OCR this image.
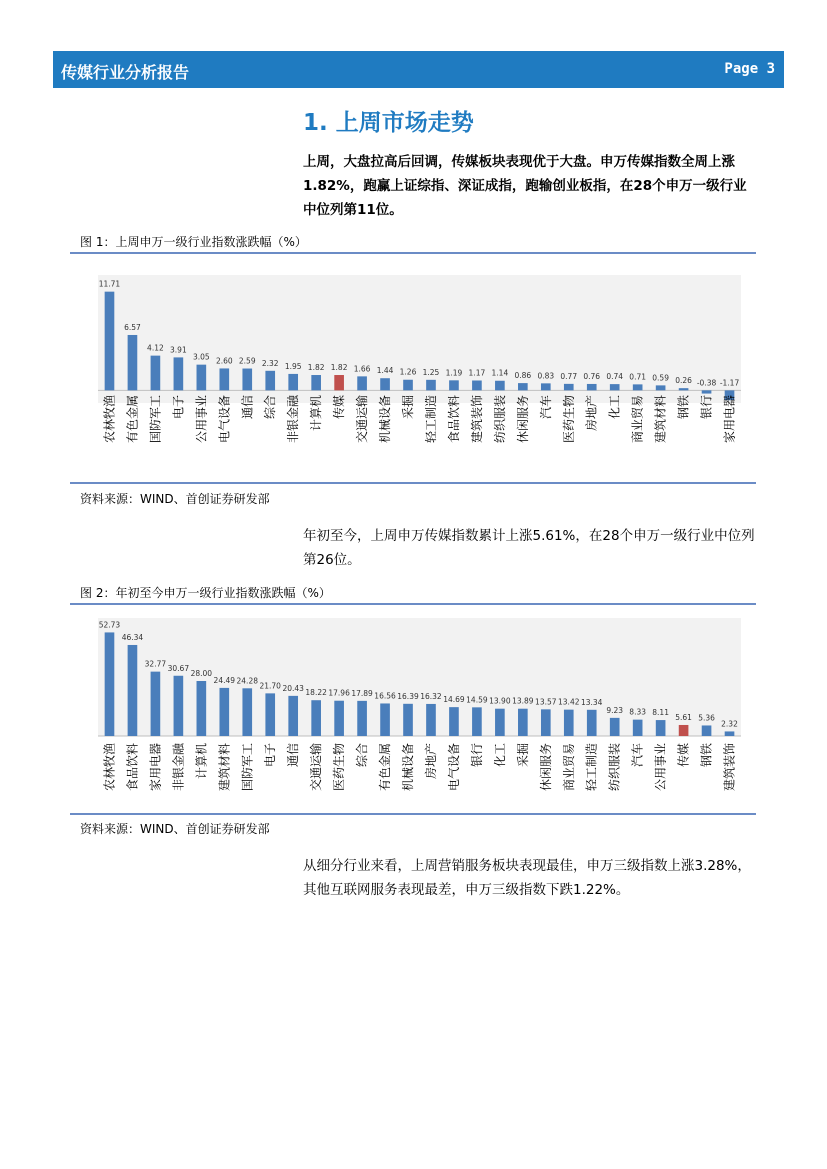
传媒行业分析报告	Page 3
1. 上周市场走势
上周，大盘拉高后回调，传媒板块表现优于大盘。申万传媒指数全周上涨1.82%，跑赢上证综指、深证成指，跑输创业板指，在28个申万一级行业中位列第11位。
图 1：上周申万一级行业指数涨跌幅（%）
11.71
农林牧渔
6.57
有色金属
4.12
国防军工
3.91
电子
3.05
公用事业
2.60
电气设备
2.59
通信
2.32
综合
1.95
非银金融
1.82
计算机
1.82
传媒
1.66
交通运输
1.44
机械设备
1.26
采掘
1.25
轻工制造
1.19
食品饮料
1.17
建筑装饰
1.14
纺织服装
0.86
休闲服务
0.83
汽车
0.77
医药生物
0.76
房地产
0.74
化工
0.71
商业贸易
0.59
建筑材料
0.26
钢铁
-0.38
银行
-1.17
家用电器
资料来源：WIND、首创证券研发部
年初至今，上周申万传媒指数累计上涨5.61%，在28个申万一级行业中位列第26位。
图 2：年初至今申万一级行业指数涨跌幅（%）
52.73
农林牧渔
46.34
食品饮料
32.77
家用电器
30.67
非银金融
28.00
计算机
24.49
建筑材料
24.28
国防军工
21.70
电子
20.43
通信
18.22
交通运输
17.96
医药生物
17.89
综合
16.56
有色金属
16.39
机械设备
16.32
房地产
14.69
电气设备
14.59
银行
13.90
化工
13.89
采掘
13.57
休闲服务
13.42
商业贸易
13.34
轻工制造
9.23
纺织服装
8.33
汽车
8.11
公用事业
5.61
传媒
5.36
钢铁
2.32
建筑装饰
资料来源：WIND、首创证券研发部
从细分行业来看，上周营销服务板块表现最佳，申万三级指数上涨3.28%，其他互联网服务表现最差，申万三级指数下跌1.22%。
